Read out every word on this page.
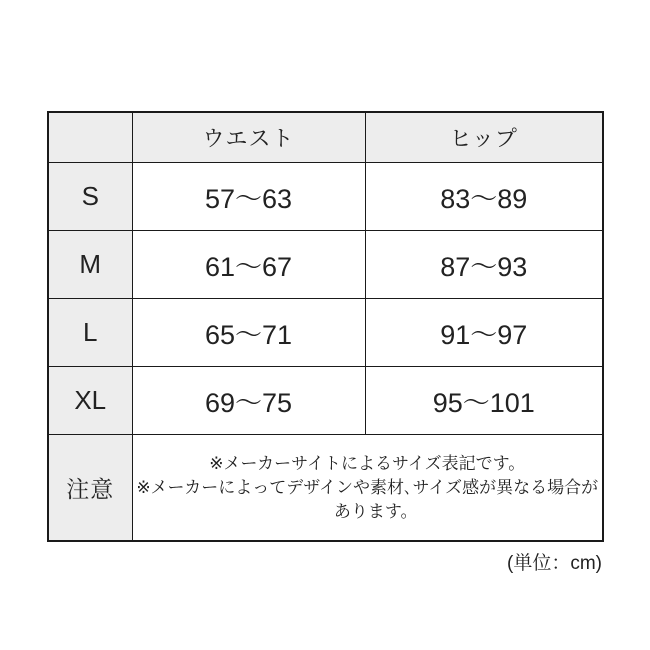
	ウエスト	ヒップ
S	57〜63	83〜89
M	61〜67	87〜93
L	65〜71	91〜97
XL	69〜75	95〜101
注意	※メーカーサイトによるサイズ表記です。

※メーカーによってデザインや素材､サイズ感が異なる場合が

あります。	

(単位：cm)
